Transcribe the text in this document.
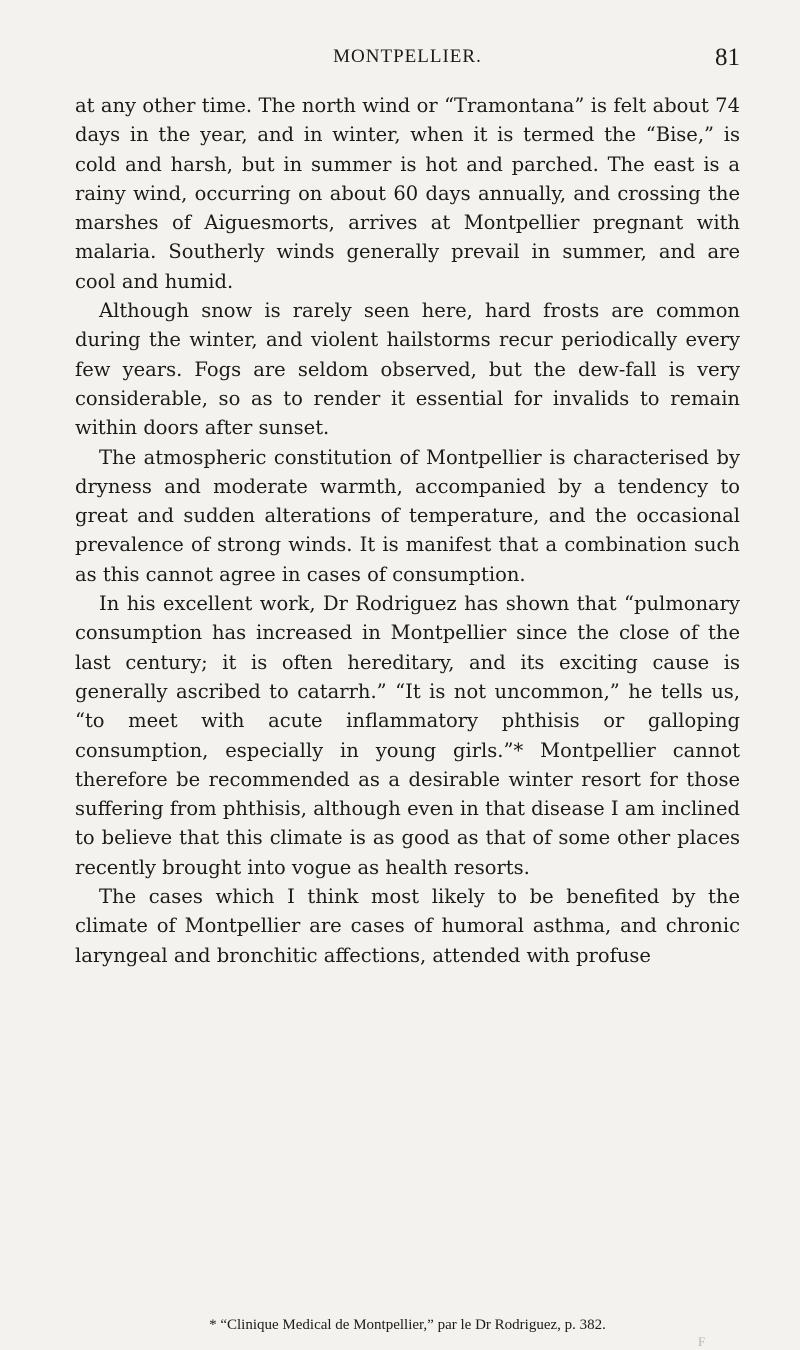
MONTPELLIER.	81

at any other time. The north wind or “Tramontana” is felt about 74 days in the year, and in winter, when it is termed the “Bise,” is cold and harsh, but in summer is hot and parched. The east is a rainy wind, occurring on about 60 days annually, and crossing the marshes of Aiguesmorts, arrives at Montpellier pregnant with malaria. Southerly winds generally prevail in summer, and are cool and humid.

Although snow is rarely seen here, hard frosts are common during the winter, and violent hailstorms recur periodically every few years. Fogs are seldom observed, but the dew-fall is very considerable, so as to render it essential for invalids to remain within doors after sunset.

The atmospheric constitution of Montpellier is characterised by dryness and moderate warmth, accompanied by a tendency to great and sudden alterations of temperature, and the occasional prevalence of strong winds. It is manifest that a combination such as this cannot agree in cases of consumption.

In his excellent work, Dr Rodriguez has shown that “pulmonary consumption has increased in Montpellier since the close of the last century; it is often hereditary, and its exciting cause is generally ascribed to catarrh.” “It is not uncommon,” he tells us, “to meet with acute inflammatory phthisis or galloping consumption, especially in young girls.”* Montpellier cannot therefore be recommended as a desirable winter resort for those suffering from phthisis, although even in that disease I am inclined to believe that this climate is as good as that of some other places recently brought into vogue as health resorts.

The cases which I think most likely to be benefited by the climate of Montpellier are cases of humoral asthma, and chronic laryngeal and bronchitic affections, attended with profuse

* “Clinique Medical de Montpellier,” par le Dr Rodriguez, p. 382.
F
